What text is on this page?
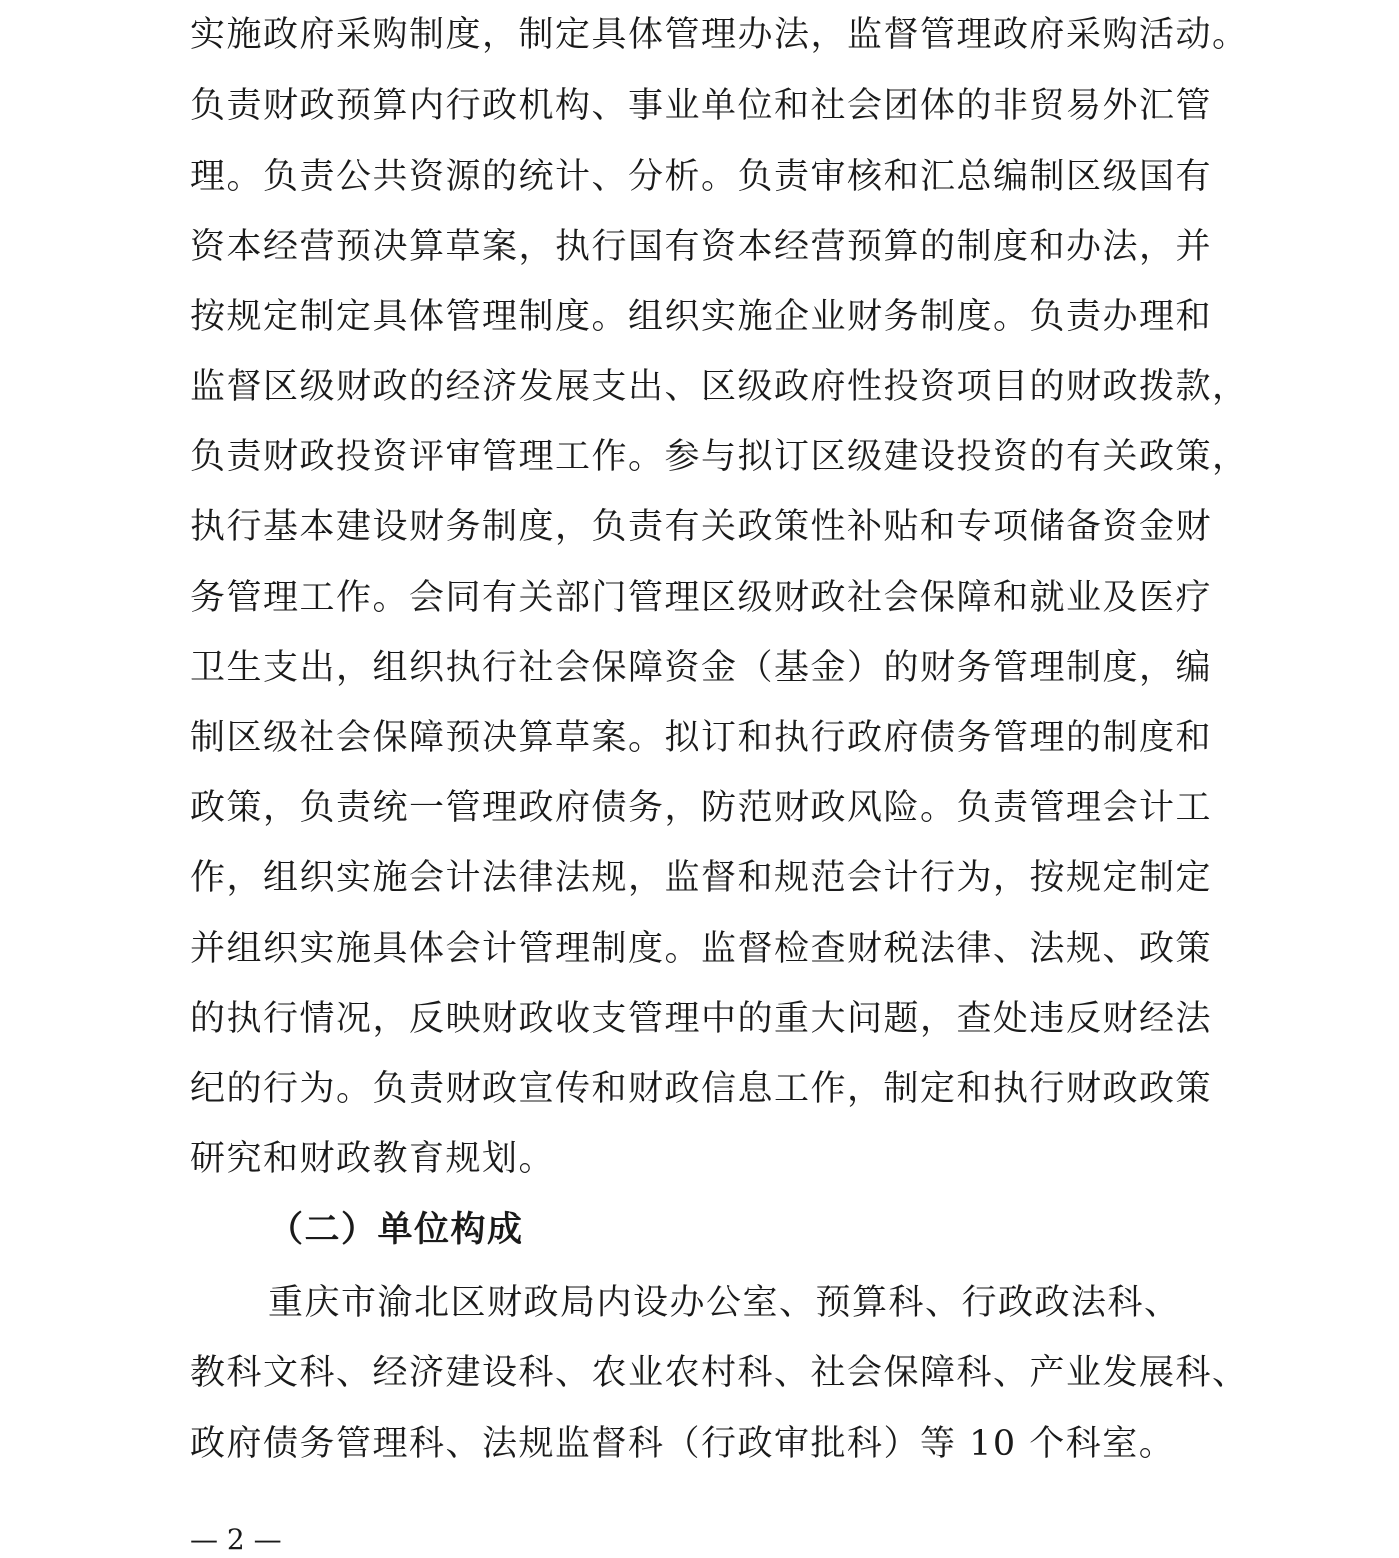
实施政府采购制度，制定具体管理办法，监督管理政府采购活动。
负责财政预算内行政机构、事业单位和社会团体的非贸易外汇管
理。负责公共资源的统计、分析。负责审核和汇总编制区级国有
资本经营预决算草案，执行国有资本经营预算的制度和办法，并
按规定制定具体管理制度。组织实施企业财务制度。负责办理和
监督区级财政的经济发展支出、区级政府性投资项目的财政拨款，
负责财政投资评审管理工作。参与拟订区级建设投资的有关政策，
执行基本建设财务制度，负责有关政策性补贴和专项储备资金财
务管理工作。会同有关部门管理区级财政社会保障和就业及医疗
卫生支出，组织执行社会保障资金（基金）的财务管理制度，编
制区级社会保障预决算草案。拟订和执行政府债务管理的制度和
政策，负责统一管理政府债务，防范财政风险。负责管理会计工
作，组织实施会计法律法规，监督和规范会计行为，按规定制定
并组织实施具体会计管理制度。监督检查财税法律、法规、政策
的执行情况，反映财政收支管理中的重大问题，查处违反财经法
纪的行为。负责财政宣传和财政信息工作，制定和执行财政政策
研究和财政教育规划。
（二）单位构成
重庆市渝北区财政局内设办公室、预算科、行政政法科、
教科文科、经济建设科、农业农村科、社会保障科、产业发展科、
政府债务管理科、法规监督科（行政审批科）等 10 个科室。
— 2 —
